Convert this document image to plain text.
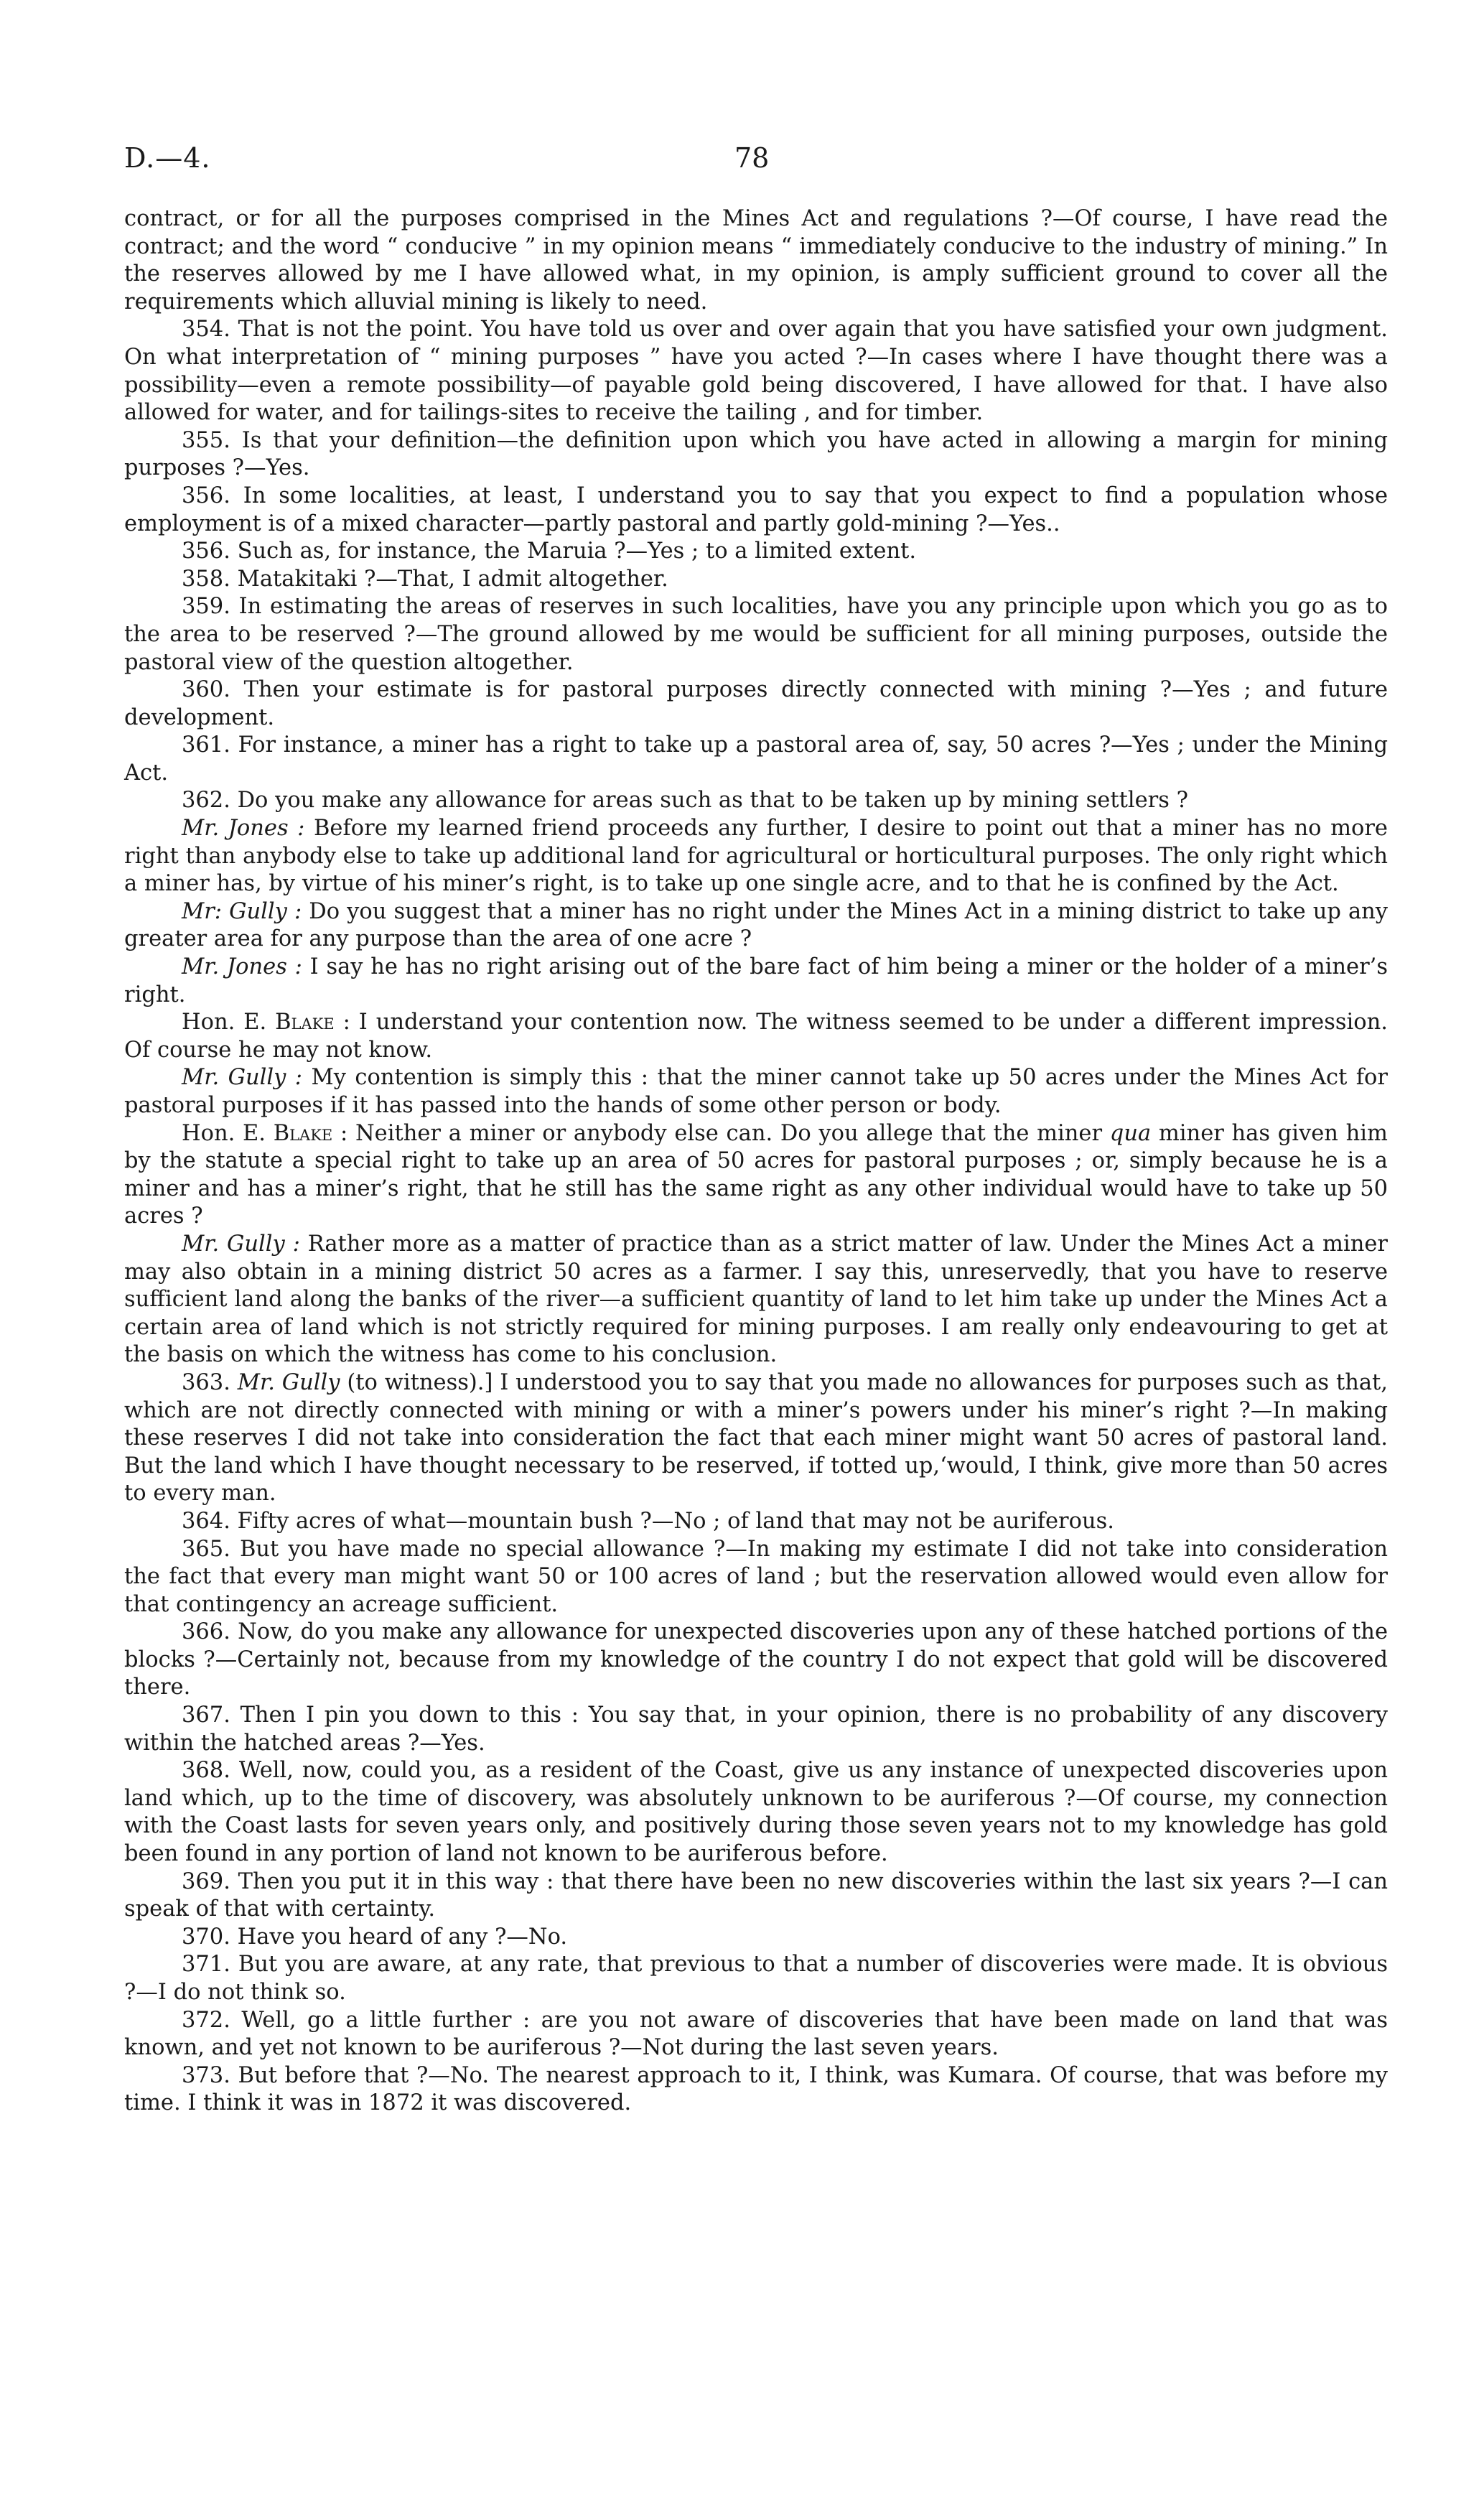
D.—4.	78

contract, or for all the purposes comprised in the Mines Act and regulations ?—Of course, I have read the contract; and the word “ conducive ” in my opinion means “ immediately conducive to the industry of mining.” In the reserves allowed by me I have allowed what, in my opinion, is amply sufficient ground to cover all the requirements which alluvial mining is likely to need.

354. That is not the point. You have told us over and over again that you have satisfied your own judgment. On what interpretation of “ mining purposes ” have you acted ?—In cases where I have thought there was a possibility—even a remote possibility—of payable gold being discovered, I have allowed for that. I have also allowed for water, and for tailings-sites to receive the tailing , and for timber.

355. Is that your definition—the definition upon which you have acted in allowing a margin for mining purposes ?—Yes.

356. In some localities, at least, I understand you to say that you expect to find a population whose employment is of a mixed character—partly pastoral and partly gold-mining ?—Yes..

356. Such as, for instance, the Maruia ?—Yes ; to a limited extent.

358. Matakitaki ?—That, I admit altogether.

359. In estimating the areas of reserves in such localities, have you any principle upon which you go as to the area to be reserved ?—The ground allowed by me would be sufficient for all mining purposes, outside the pastoral view of the question altogether.

360. Then your estimate is for pastoral purposes directly connected with mining ?—Yes ; and future development.

361. For instance, a miner has a right to take up a pastoral area of, say, 50 acres ?—Yes ; under the Mining Act.

362. Do you make any allowance for areas such as that to be taken up by mining settlers ?

Mr. Jones : Before my learned friend proceeds any further, I desire to point out that a miner has no more right than anybody else to take up additional land for agricultural or horticultural purposes. The only right which a miner has, by virtue of his miner’s right, is to take up one single acre, and to that he is confined by the Act.

Mr: Gully : Do you suggest that a miner has no right under the Mines Act in a mining district to take up any greater area for any purpose than the area of one acre ?

Mr. Jones : I say he has no right arising out of the bare fact of him being a miner or the holder of a miner’s right.

Hon. E. Blake : I understand your contention now. The witness seemed to be under a different impression. Of course he may not know.

Mr. Gully : My contention is simply this : that the miner cannot take up 50 acres under the Mines Act for pastoral purposes if it has passed into the hands of some other person or body.

Hon. E. Blake : Neither a miner or anybody else can. Do you allege that the miner qua miner has given him by the statute a special right to take up an area of 50 acres for pastoral purposes ; or, simply because he is a miner and has a miner’s right, that he still has the same right as any other individual would have to take up 50 acres ?

Mr. Gully : Rather more as a matter of practice than as a strict matter of law. Under the Mines Act a miner may also obtain in a mining district 50 acres as a farmer. I say this, unreservedly, that you have to reserve sufficient land along the banks of the river—a sufficient quantity of land to let him take up under the Mines Act a certain area of land which is not strictly required for mining purposes. I am really only endeavouring to get at the basis on which the witness has come to his conclusion.

363. Mr. Gully (to witness).] I understood you to say that you made no allowances for purposes such as that, which are not directly connected with mining or with a miner’s powers under his miner’s right ?—In making these reserves I did not take into consideration the fact that each miner might want 50 acres of pastoral land. But the land which I have thought necessary to be reserved, if totted up,‘would, I think, give more than 50 acres to every man.

364. Fifty acres of what—mountain bush ?—No ; of land that may not be auriferous.

365. But you have made no special allowance ?—In making my estimate I did not take into consideration the fact that every man might want 50 or 100 acres of land ; but the reservation allowed would even allow for that contingency an acreage sufficient.

366. Now, do you make any allowance for unexpected discoveries upon any of these hatched portions of the blocks ?—Certainly not, because from my knowledge of the country I do not expect that gold will be discovered there.

367. Then I pin you down to this : You say that, in your opinion, there is no probability of any discovery within the hatched areas ?—Yes.

368. Well, now, could you, as a resident of the Coast, give us any instance of unexpected discoveries upon land which, up to the time of discovery, was absolutely unknown to be auriferous ?—Of course, my connection with the Coast lasts for seven years only, and positively during those seven years not to my knowledge has gold been found in any portion of land not known to be auriferous before.

369. Then you put it in this way : that there have been no new discoveries within the last six years ?—I can speak of that with certainty.

370. Have you heard of any ?—No.

371. But you are aware, at any rate, that previous to that a number of discoveries were made. It is obvious ?—I do not think so.

372. Well, go a little further : are you not aware of discoveries that have been made on land that was known, and yet not known to be auriferous ?—Not during the last seven years.

373. But before that ?—No. The nearest approach to it, I think, was Kumara. Of course, that was before my time. I think it was in 1872 it was discovered.
